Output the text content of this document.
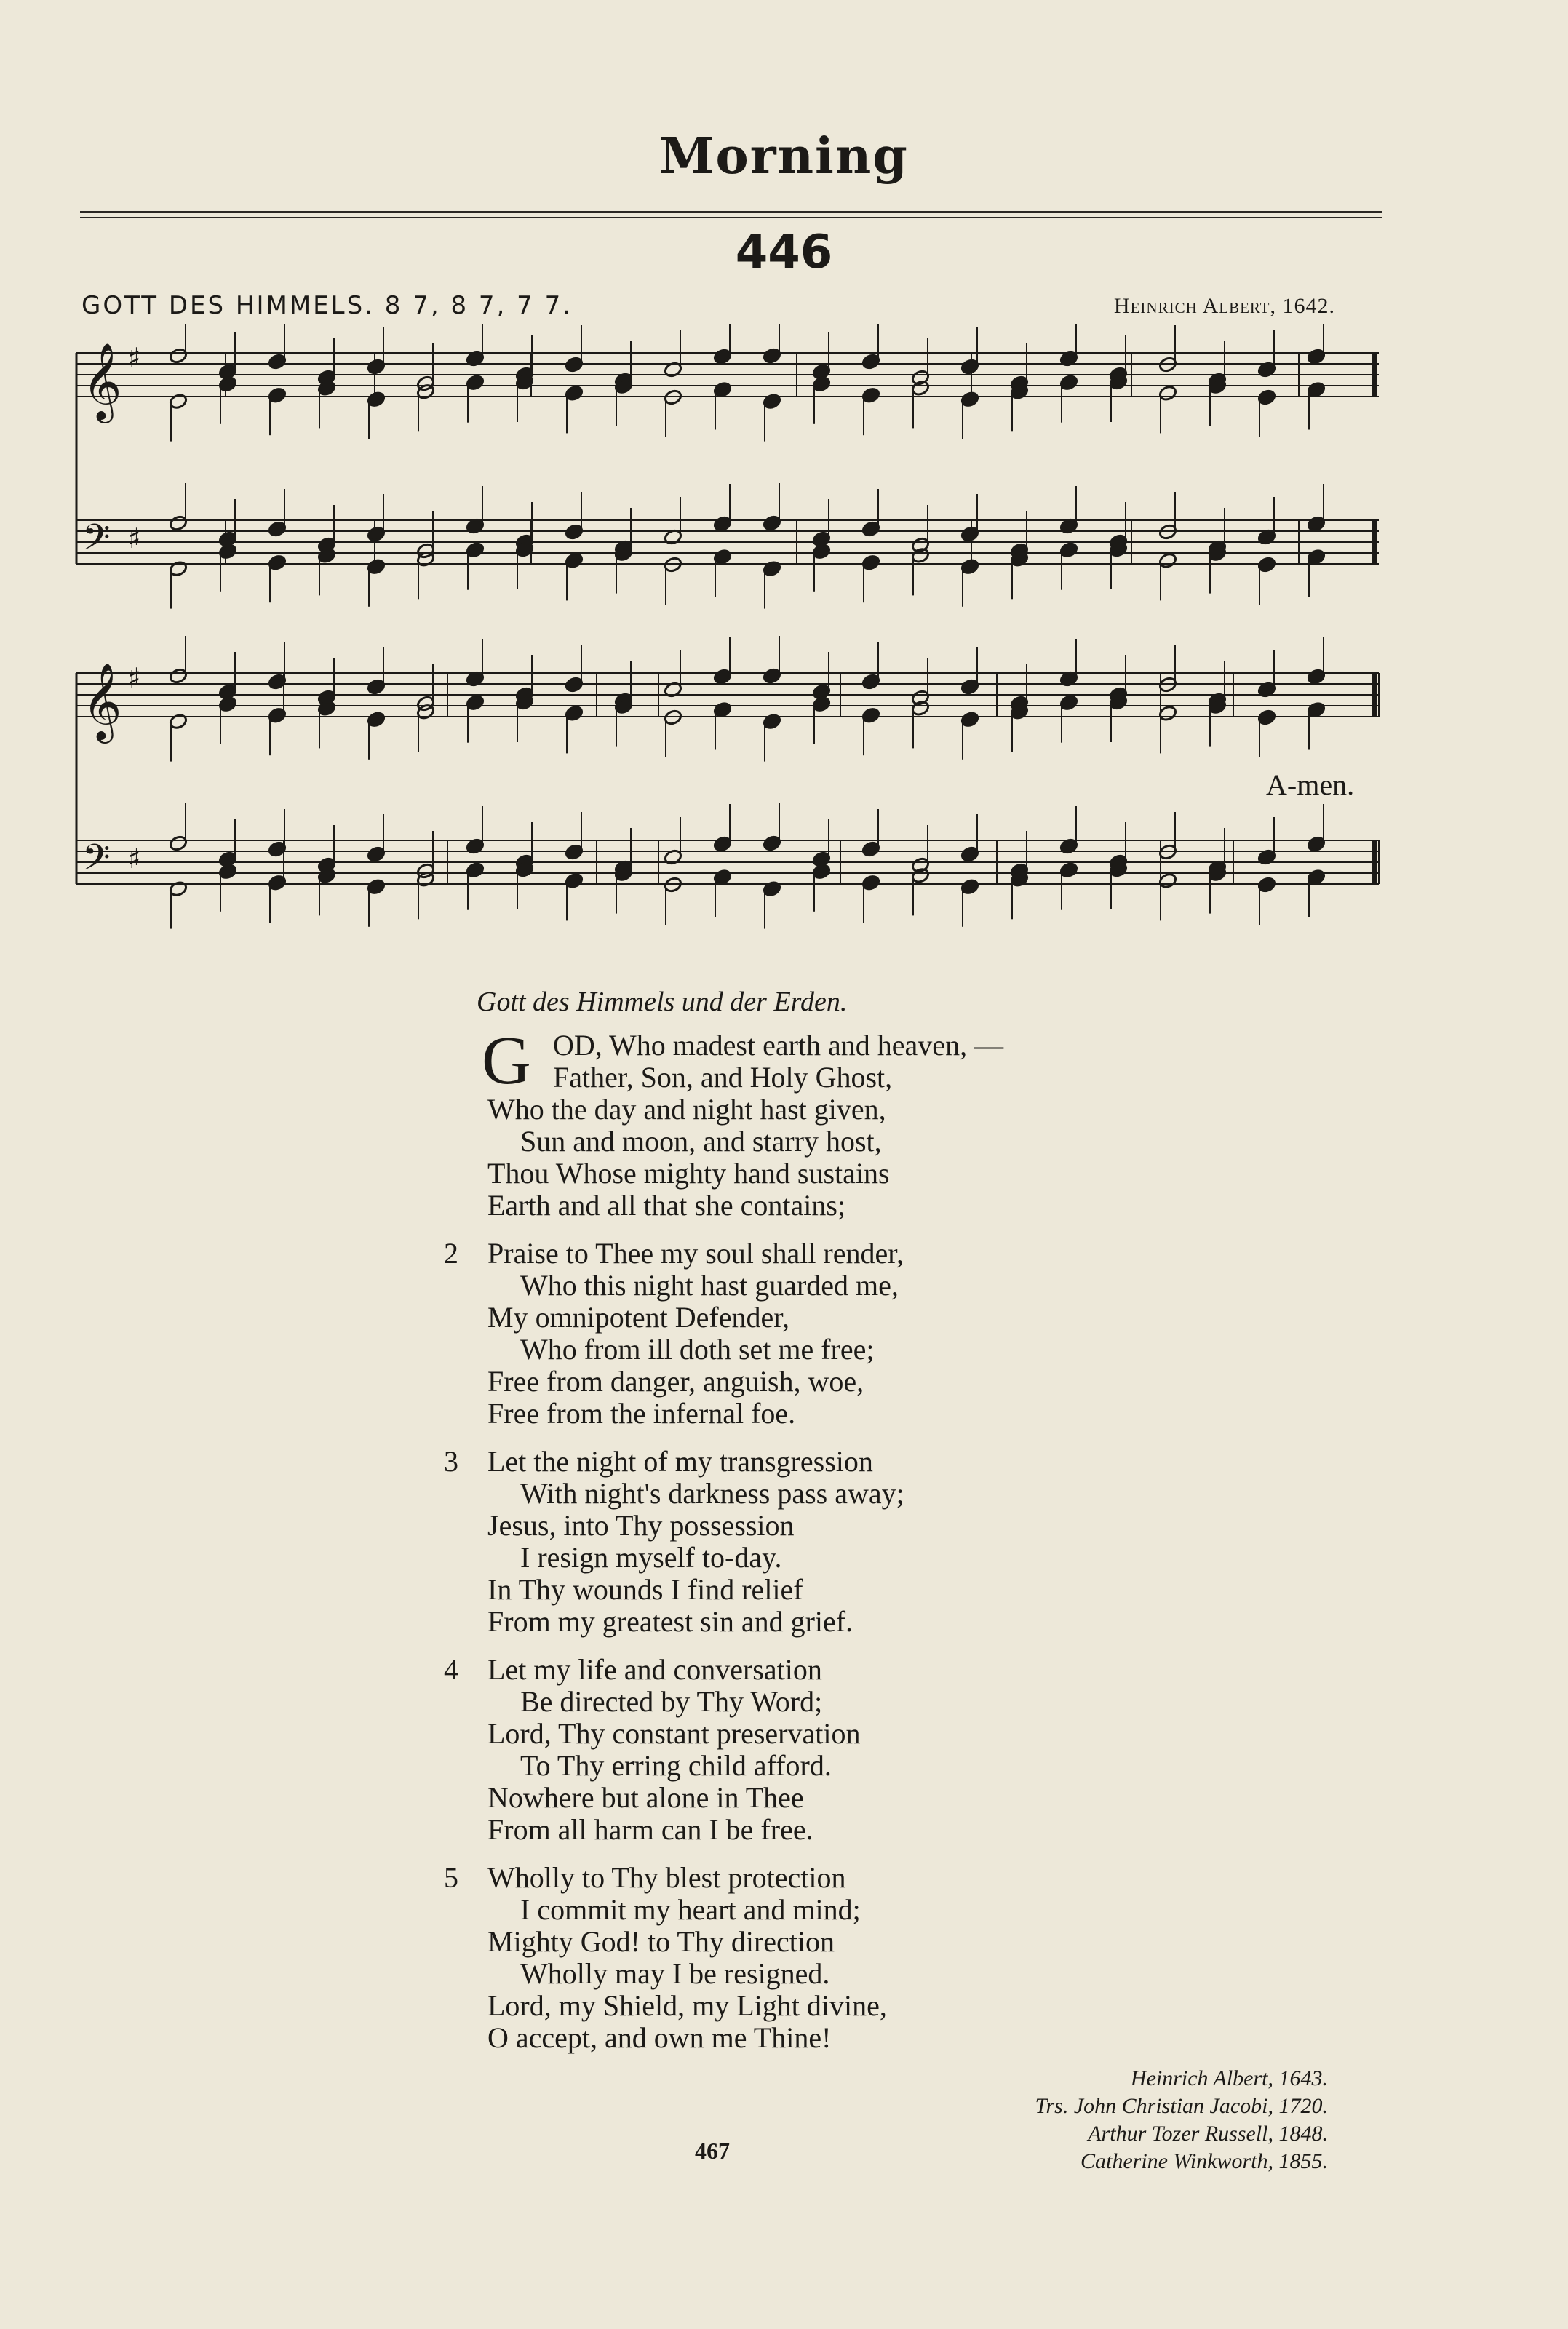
Morning
446
GOTT DES HIMMELS. 8 7, 8 7, 7 7.	Heinrich Albert, 1642.
𝄞 ♯
𝄢 ♯
𝄞 ♯
𝄢 ♯
A-men.
Gott des Himmels und der Erden.
G OD, Who madest earth and heaven, —
Father, Son, and Holy Ghost,
Who the day and night hast given,
Sun and moon, and starry host,
Thou Whose mighty hand sustains
Earth and all that she contains;
2	Praise to Thee my soul shall render,
Who this night hast guarded me,
My omnipotent Defender,
Who from ill doth set me free;
Free from danger, anguish, woe,
Free from the infernal foe.
3	Let the night of my transgression
With night's darkness pass away;
Jesus, into Thy possession
I resign myself to-day.
In Thy wounds I find relief
From my greatest sin and grief.
4	Let my life and conversation
Be directed by Thy Word;
Lord, Thy constant preservation
To Thy erring child afford.
Nowhere but alone in Thee
From all harm can I be free.
5	Wholly to Thy blest protection
I commit my heart and mind;
Mighty God! to Thy direction
Wholly may I be resigned.
Lord, my Shield, my Light divine,
O accept, and own me Thine!
Heinrich Albert, 1643.
Trs. John Christian Jacobi, 1720.
Arthur Tozer Russell, 1848.
Catherine Winkworth, 1855.
467
